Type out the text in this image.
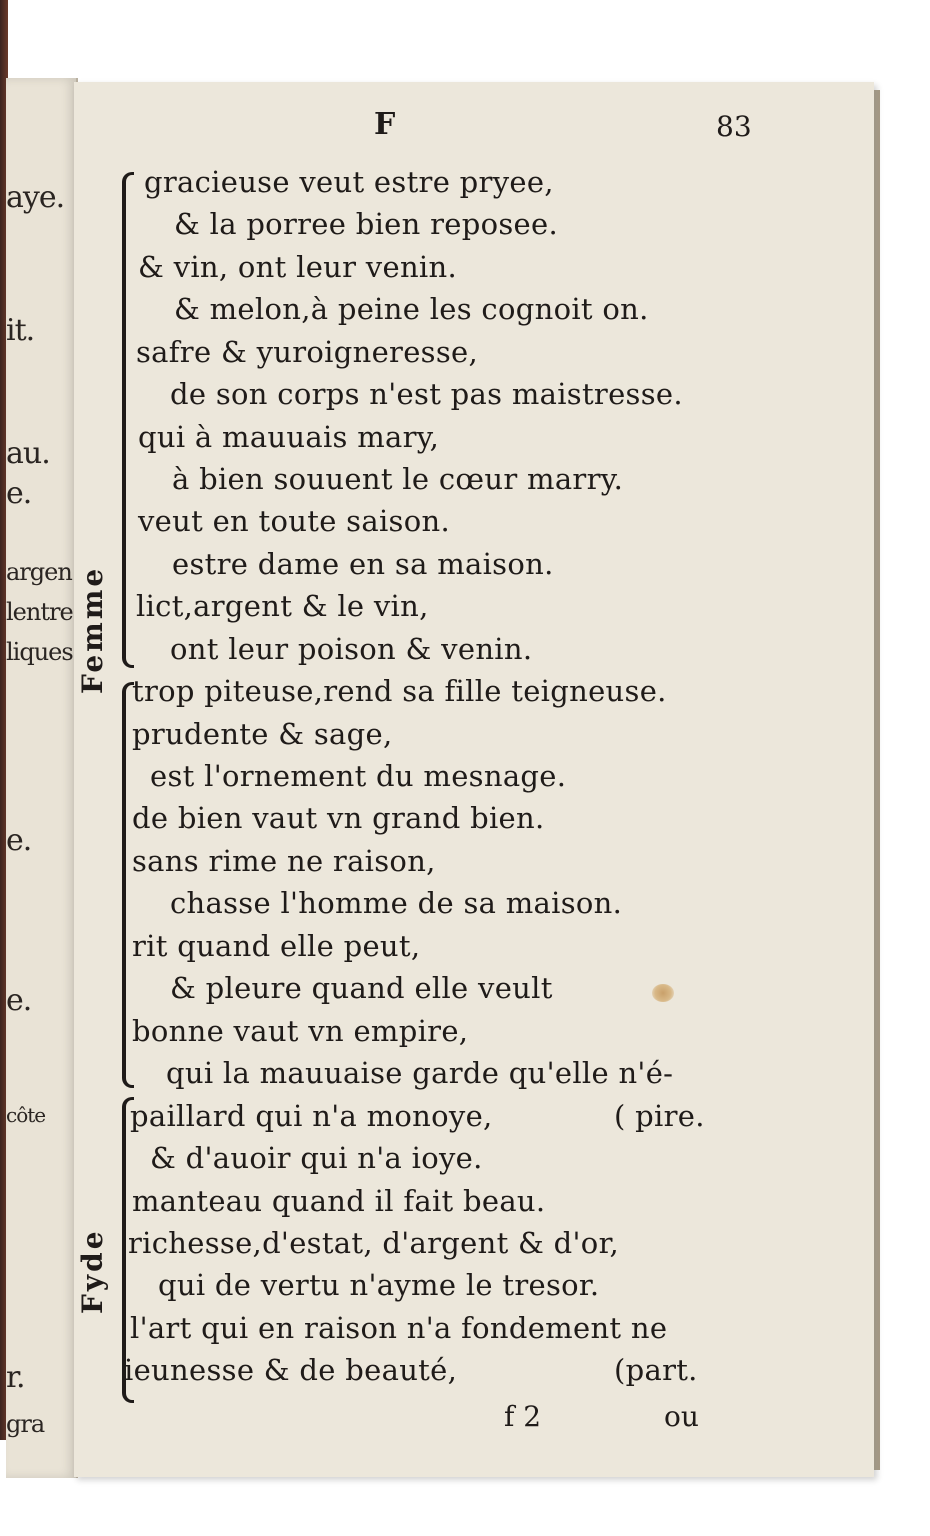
aye.
it.
au.
e.
argen
lentre
liques
e.
e.
côte
r.
gra
F	83
Femme
Fyde
gracieuse veut estre pryee,
& la porree bien reposee.
& vin, ont leur venin.
& melon,à peine les cognoit on.
safre & yuroigneresse,
de son corps n'est pas maistresse.
qui à mauuais mary,
à bien souuent le cœur marry.
veut en toute saison.
estre dame en sa maison.
lict,argent & le vin,
ont leur poison & venin.
trop piteuse,rend sa fille teigneuse.
prudente & sage,
est l'ornement du mesnage.
de bien vaut vn grand bien.
sans rime ne raison,
chasse l'homme de sa maison.
rit quand elle peut,
& pleure quand elle veult
bonne vaut vn empire,
qui la mauuaise garde qu'elle n'é-
paillard qui n'a monoye,	( pire.
& d'auoir qui n'a ioye.
manteau quand il fait beau.
richesse,d'estat, d'argent & d'or,
qui de vertu n'ayme le tresor.
l'art qui en raison n'a fondement ne
ieunesse & de beauté,	(part.
f 2	ou
